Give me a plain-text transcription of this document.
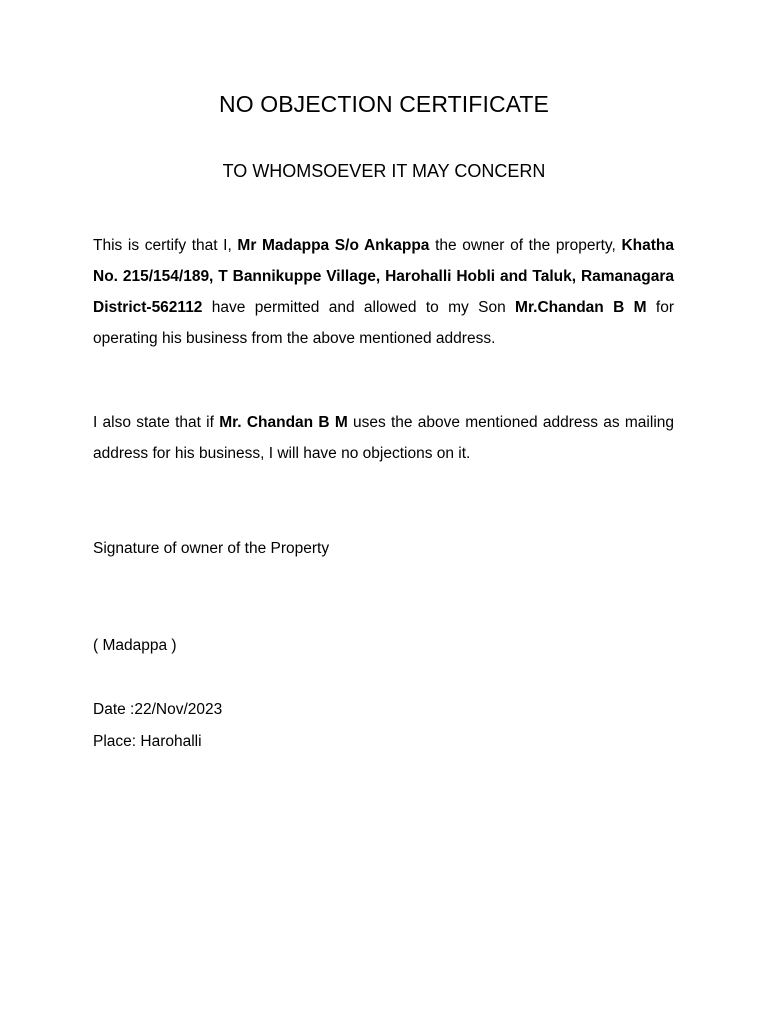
NO OBJECTION CERTIFICATE
TO WHOMSOEVER IT MAY CONCERN
This is certify that I, Mr Madappa S/o Ankappa the owner of the property, Khatha No. 215/154/189, T Bannikuppe Village, Harohalli Hobli and Taluk, Ramanagara District-562112 have permitted and allowed to my Son Mr.Chandan B M for operating his business from the above mentioned address.
I also state that if Mr. Chandan B M uses the above mentioned address as mailing address for his business, I will have no objections on it.
Signature of owner of the Property
( Madappa )
Date :22/Nov/2023
Place: Harohalli
